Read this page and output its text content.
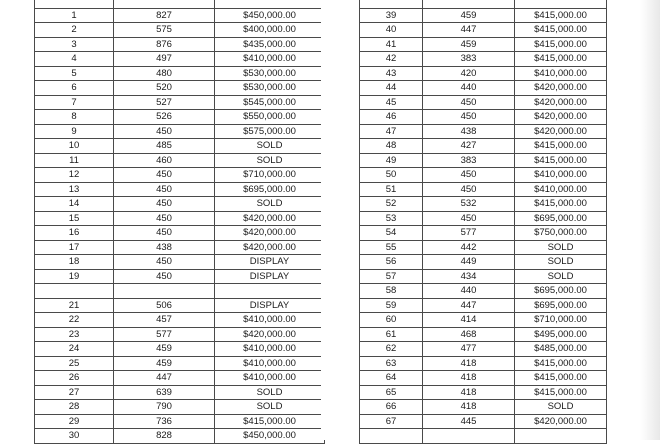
1	827	$450,000.00
2	575	$400,000.00
3	876	$435,000.00
4	497	$410,000.00
5	480	$530,000.00
6	520	$530,000.00
7	527	$545,000.00
8	526	$550,000.00
9	450	$575,000.00
10	485	SOLD
11	460	SOLD
12	450	$710,000.00
13	450	$695,000.00
14	450	SOLD
15	450	$420,000.00
16	450	$420,000.00
17	438	$420,000.00
18	450	DISPLAY
19	450	DISPLAY

21	506	DISPLAY
22	457	$410,000.00
23	577	$420,000.00
24	459	$410,000.00
25	459	$410,000.00
26	447	$410,000.00
27	639	SOLD
28	790	SOLD
29	736	$415,000.00
30	828	$450,000.00

39	459	$415,000.00
40	447	$415,000.00
41	459	$415,000.00
42	383	$415,000.00
43	420	$410,000.00
44	440	$420,000.00
45	450	$420,000.00
46	450	$420,000.00
47	438	$420,000.00
48	427	$415,000.00
49	383	$415,000.00
50	450	$410,000.00
51	450	$410,000.00
52	532	$415,000.00
53	450	$695,000.00
54	577	$750,000.00
55	442	SOLD
56	449	SOLD
57	434	SOLD
58	440	$695,000.00
59	447	$695,000.00
60	414	$710,000.00
61	468	$495,000.00
62	477	$485,000.00
63	418	$415,000.00
64	418	$415,000.00
65	418	$415,000.00
66	418	SOLD
67	445	$420,000.00
